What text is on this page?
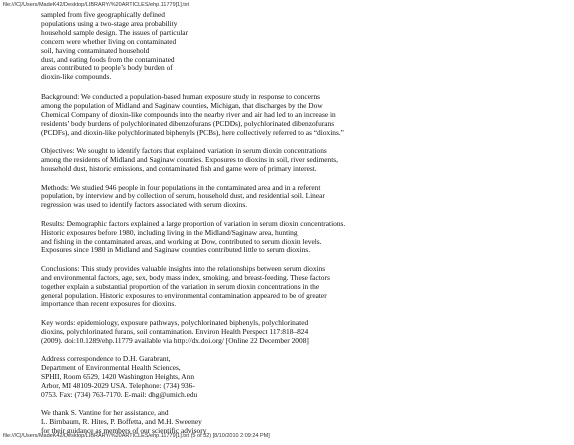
file:///C|/Users/MadeK42/Desktop/LIBRARY/%20ARTICLES/ehp.11779[1].txt
sampled from five geographically defined
populations using a two-stage area probability
household sample design. The issues of particular
concern were whether living on contaminated
soil, having contaminated household
dust, and eating foods from the contaminated
areas contributed to people’s body burden of
dioxin-like compounds.
Background: We conducted a population-based human exposure study in response to concerns
among the population of Midland and Saginaw counties, Michigan, that discharges by the Dow
Chemical Company of dioxin-like compounds into the nearby river and air had led to an increase in
residents’ body burdens of polychlorinated dibenzofurans (PCDDs), polychlorinated dibenzofurans
(PCDFs), and dioxin-like polychlorinated biphenyls (PCBs), here collectively referred to as “dioxins.”
Objectives: We sought to identify factors that explained variation in serum dioxin concentrations
among the residents of Midland and Saginaw counties. Exposures to dioxins in soil, river sediments,
household dust, historic emissions, and contaminated fish and game were of primary interest.
Methods: We studied 946 people in four populations in the contaminated area and in a referent
population, by interview and by collection of serum, household dust, and residential soil. Linear
regression was used to identify factors associated with serum dioxins.
Results: Demographic factors explained a large proportion of variation in serum dioxin concentrations.
Historic exposures before 1980, including living in the Midland/Saginaw area, hunting
and fishing in the contaminated areas, and working at Dow, contributed to serum dioxin levels.
Exposures since 1980 in Midland and Saginaw counties contributed little to serum dioxins.
Conclusions: This study provides valuable insights into the relationships between serum dioxins
and environmental factors, age, sex, body mass index, smoking, and breast-feeding. These factors
together explain a substantial proportion of the variation in serum dioxin concentrations in the
general population. Historic exposures to environmental contamination appeared to be of greater
importance than recent exposures for dioxins.
Key words: epidemiology, exposure pathways, polychlorinated biphenyls, polychlorinated
dioxins, polychlorinated furans, soil contamination. Environ Health Perspect 117:818–824
(2009). doi:10.1289/ehp.11779 available via http://dx.doi.org/ [Online 22 December 2008]
Address correspondence to D.H. Garabrant,
Department of Environmental Health Sciences,
SPHII, Room 6529, 1420 Washington Heights, Ann
Arbor, MI 48109-2029 USA. Telephone: (734) 936-
0753. Fax: (734) 763-7170. E-mail: dhg@umich.edu
We thank S. Vantine for her assistance, and
L. Birnbaum, R. Hites, P. Boffetta, and M.H. Sweeney
for their guidance as members of our scientific advisory
file:///C|/Users/MadeK42/Desktop/LIBRARY/%20ARTICLES/ehp.11779[1].txt (5 of 32) [8/10/2010 2:09:24 PM]
